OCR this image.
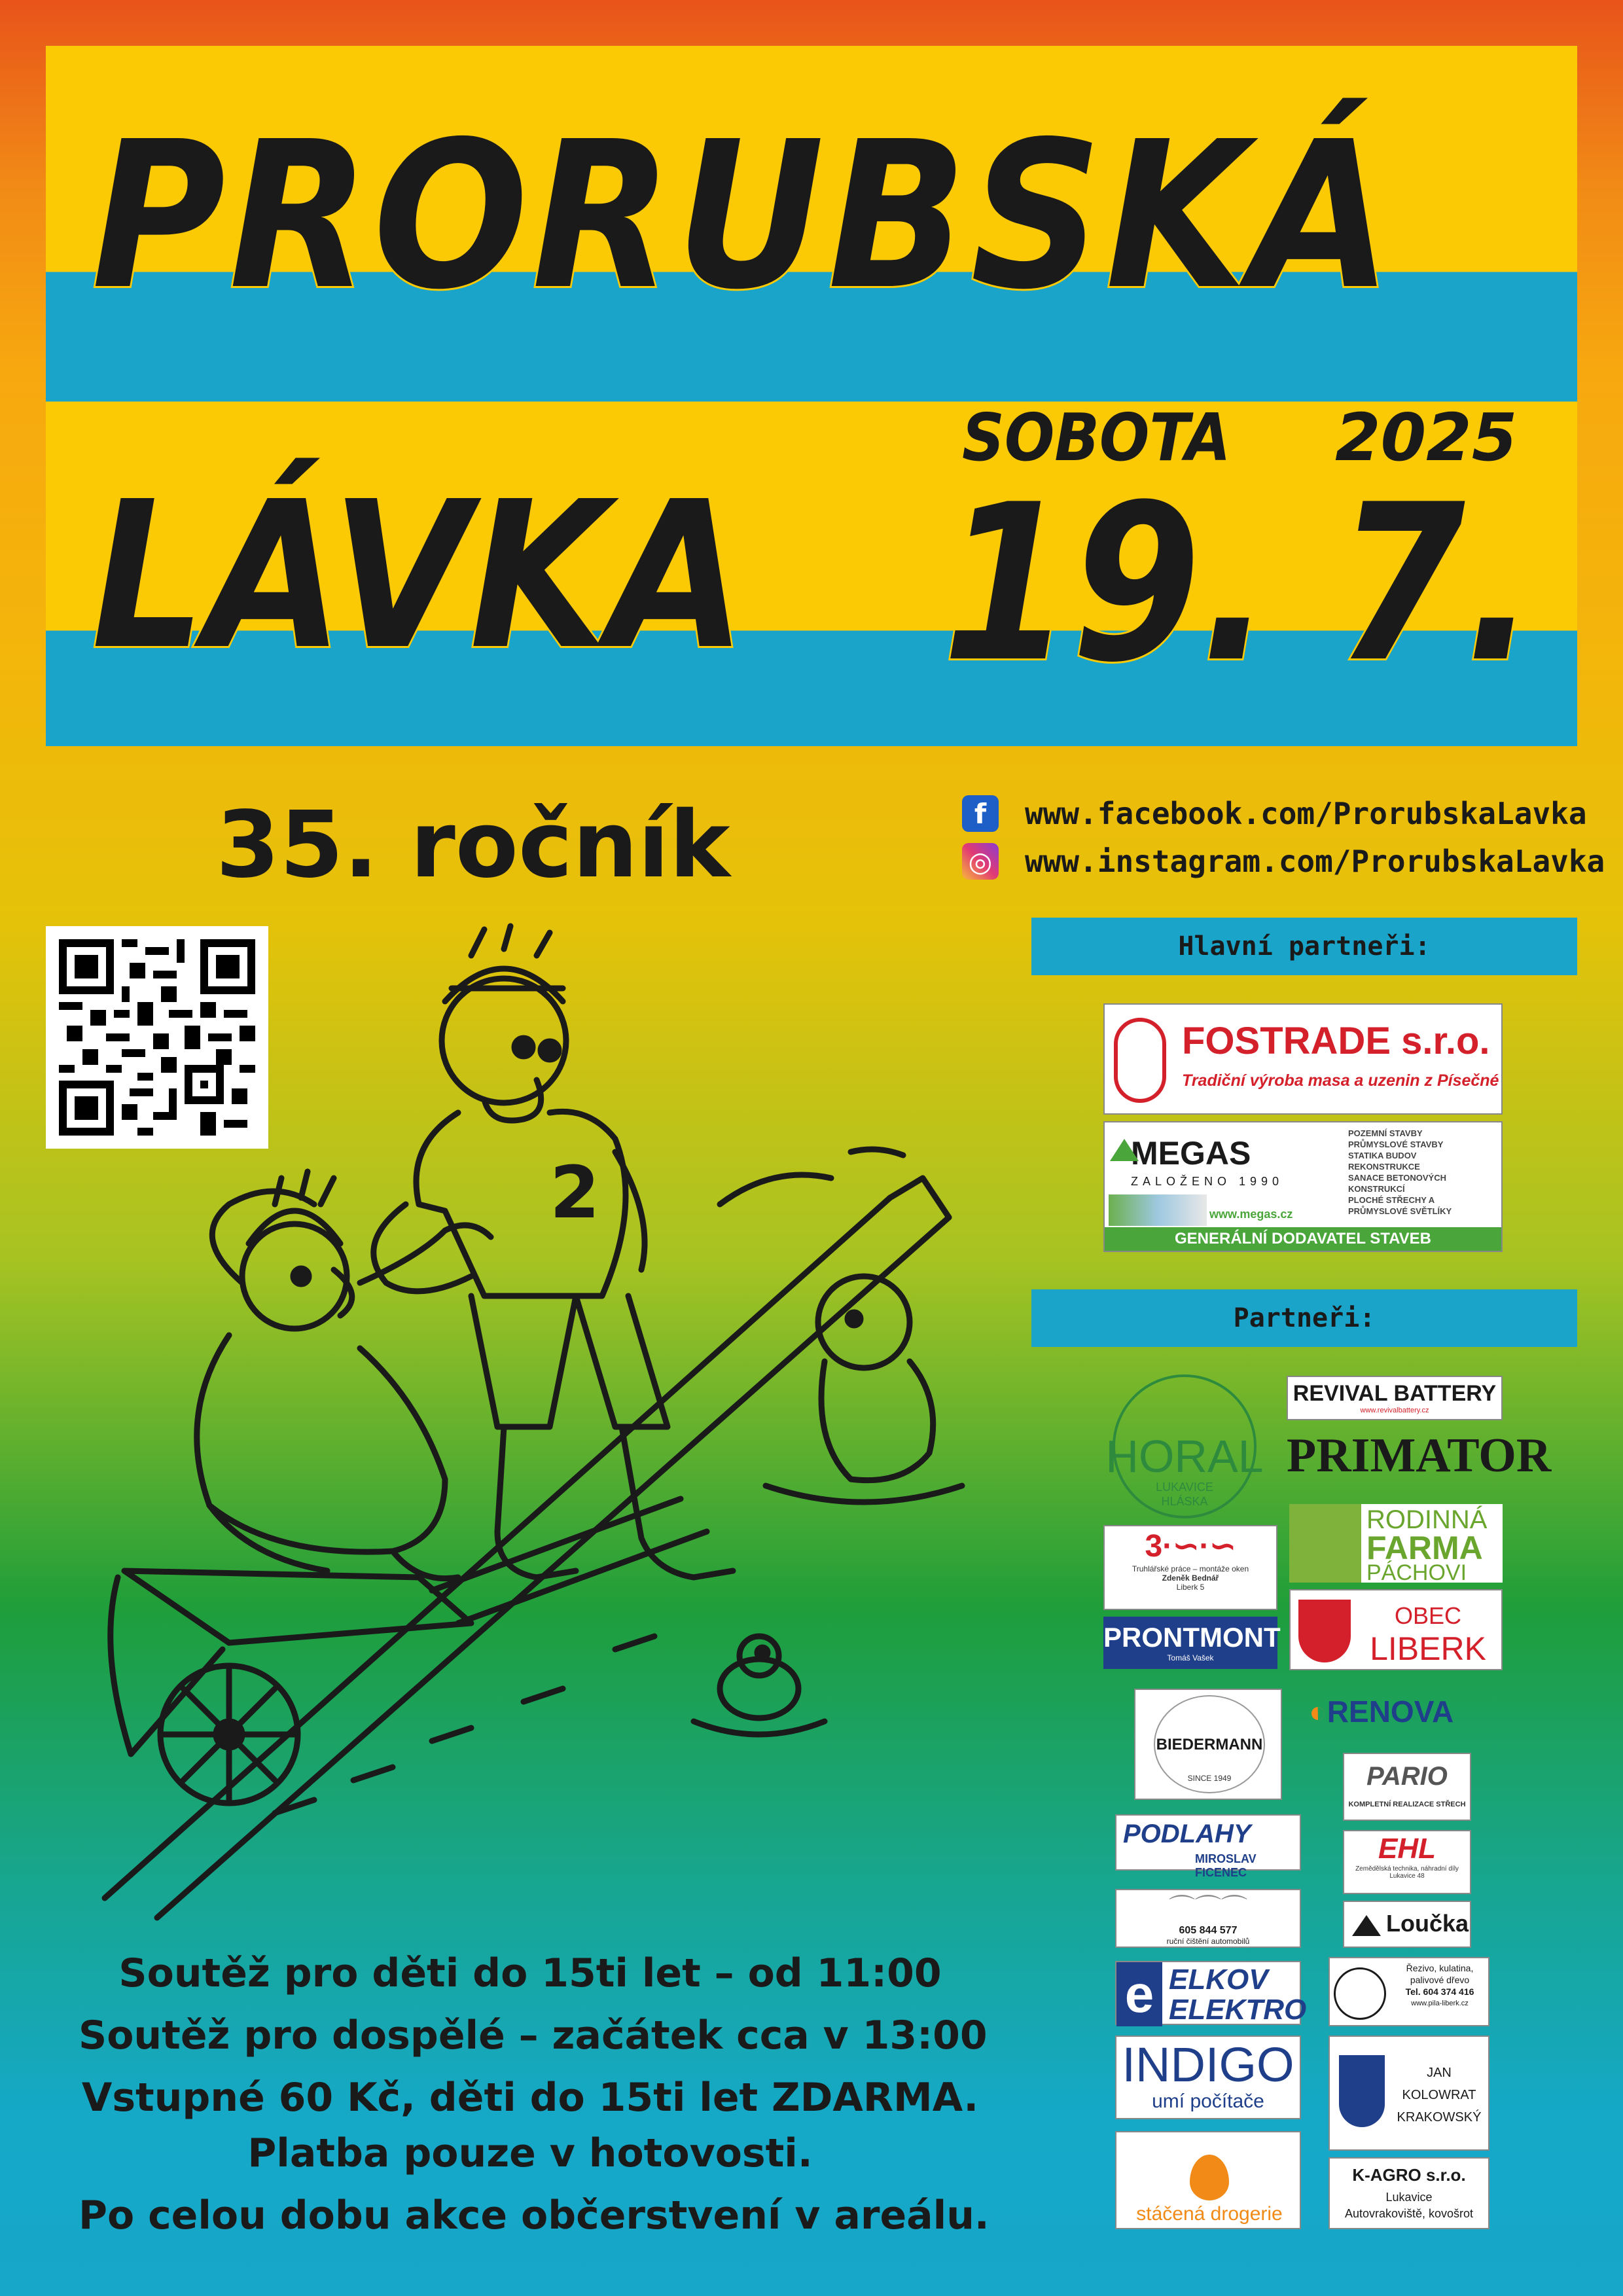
PRORUBSKÁ
LÁVKA
SOBOTA 2025
19. 7.
35. ročník	f	www.facebook.com/ProrubskaLavka
◎ www.instagram.com/ProrubskaLavka
2
Hlavní partneři:
FOSTRADE s.r.o.
Tradiční výroba masa a uzenin z Písečné
MEGAS
ZALOŽENO 1990
www.megas.cz
POZEMNÍ STAVBY
PRŮMYSLOVÉ STAVBY
STATIKA BUDOV
REKONSTRUKCE
SANACE BETONOVÝCH KONSTRUKCÍ
PLOCHÉ STŘECHY A PRŮMYSLOVÉ SVĚTLÍKY
GENERÁLNÍ DODAVATEL STAVEB
Partneři:
HORAL
LUKAVICE
HLÁSKA
REVIVAL BATTERY
www.revivalbattery.cz
PRIMATOR
3·∽·∽
Truhlářské práce – montáže oken
Zdeněk Bednář
Liberk 5
RODINNÁ
FARMA
PÁCHOVI
PRONTMONT
Tomáš Vašek
OBEC
LIBERK
BIEDERMANN
SINCE 1949
◐RENOVA
PARIO
KOMPLETNÍ REALIZACE STŘECH
PODLAHY
MIROSLAV FICENEC
EHL
Zemědělská technika, náhradní díly Lukavice 48
⌒⌒⌒
605 844 577
ruční čištění automobilů
Loučka
e ELKOV
ELEKTRO
Řezivo, kulatina,
palivové dřevo
Tel. 604 374 416
www.pila-liberk.cz
INDIGO
umí počítače
JAN
KOLOWRAT
KRAKOWSKÝ
stáčená drogerie
K-AGRO s.r.o.
Lukavice
Autovrakoviště, kovošrot
Soutěž pro děti do 15ti let – od 11:00
Soutěž pro dospělé – začátek cca v 13:00
Vstupné 60 Kč, děti do 15ti let ZDARMA.
Platba pouze v hotovosti.
Po celou dobu akce občerstvení v areálu.
